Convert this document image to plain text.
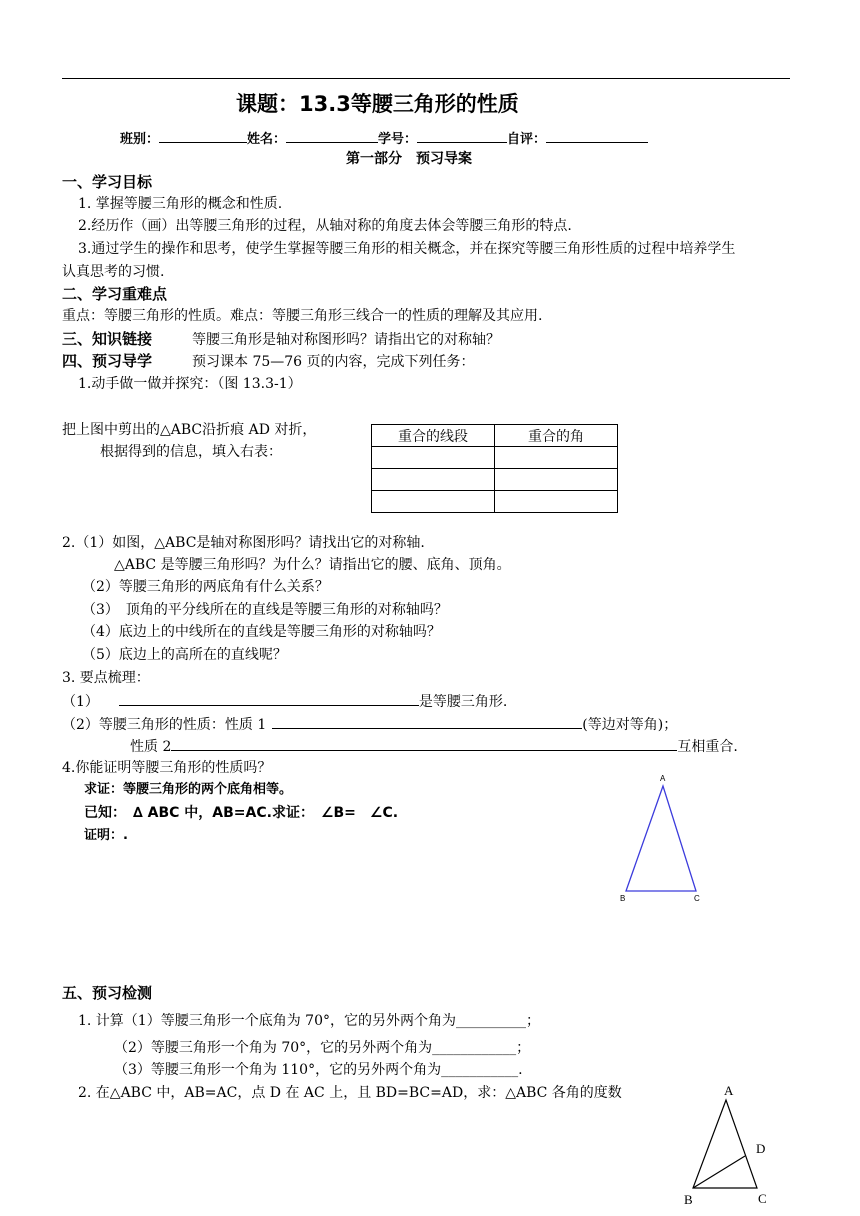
课题：13.3等腰三角形的性质
班别：	姓名：	学号：	自评：
第一部分　预习导案
一、学习目标
1. 掌握等腰三角形的概念和性质.
2.经历作（画）出等腰三角形的过程，从轴对称的角度去体会等腰三角形的特点.
3.通过学生的操作和思考，使学生掌握等腰三角形的相关概念，并在探究等腰三角形性质的过程中培养学生
认真思考的习惯.
二、学习重难点
重点：等腰三角形的性质。难点：等腰三角形三线合一的性质的理解及其应用.
三、知识链接	等腰三角形是轴对称图形吗？请指出它的对称轴？
四、预习导学	预习课本 75—76 页的内容，完成下列任务：
1.动手做一做并探究：（图 13.3-1）
把上图中剪出的△ABC沿折痕 AD 对折，
根据得到的信息，填入右表：
重合的线段	重合的角

2.（1）如图，△ABC是轴对称图形吗？请找出它的对称轴.
△ABC 是等腰三角形吗？为什么？请指出它的腰、底角、顶角。
（2）等腰三角形的两底角有什么关系？
（3）　顶角的平分线所在的直线是等腰三角形的对称轴吗？
（4）底边上的中线所在的直线是等腰三角形的对称轴吗？
（5）底边上的高所在的直线呢？
3. 要点梳理：
（1）	是等腰三角形.
（2）等腰三角形的性质：性质 1	(等边对等角)；
性质 2	互相重合.
4.你能证明等腰三角形的性质吗？
求证：等腰三角形的两个底角相等。
已知：　∆ ABC 中，AB=AC.求证：　∠B=　∠C.
证明：.
A
B	C
五、预习检测
1. 计算（1）等腰三角形一个底角为 70°，它的另外两个角为__________；
（2）等腰三角形一个角为 70°，它的另外两个角为____________；
（3）等腰三角形一个角为 110°，它的另外两个角为___________.
2. 在△ABC 中，AB=AC，点 D 在 AC 上，且 BD=BC=AD，求：△ABC 各角的度数	A
D
B	C
